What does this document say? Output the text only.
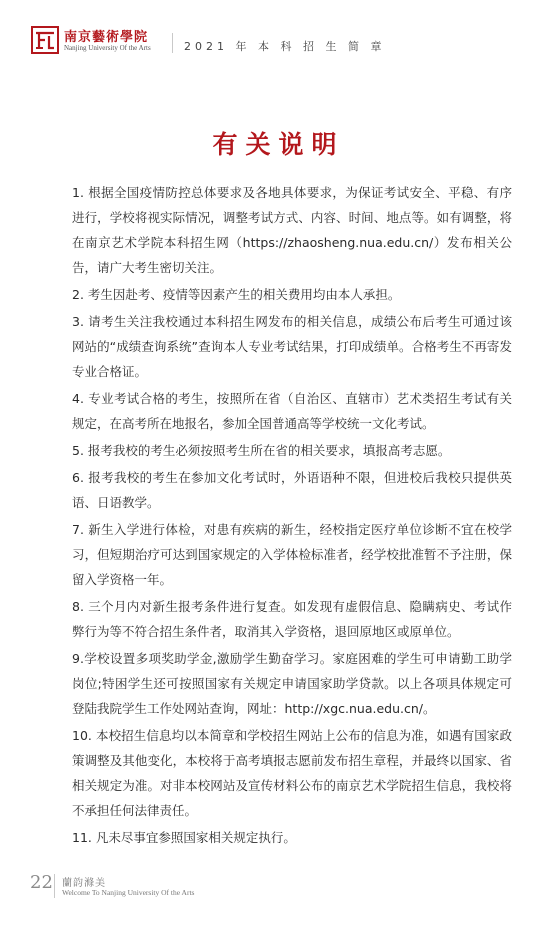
南京藝術學院
Nanjing University Of the Arts	2021 年 本 科 招 生 简 章
有关说明

1. 根据全国疫情防控总体要求及各地具体要求，为保证考试安全、平稳、有序进行，学校将视实际情况，调整考试方式、内容、时间、地点等。如有调整，将在南京艺术学院本科招生网（https://zhaosheng.nua.edu.cn/）发布相关公告，请广大考生密切关注。

2. 考生因赴考、疫情等因素产生的相关费用均由本人承担。

3. 请考生关注我校通过本科招生网发布的相关信息，成绩公布后考生可通过该网站的“成绩查询系统”查询本人专业考试结果，打印成绩单。合格考生不再寄发专业合格证。

4. 专业考试合格的考生，按照所在省（自治区、直辖市）艺术类招生考试有关规定，在高考所在地报名，参加全国普通高等学校统一文化考试。

5. 报考我校的考生必须按照考生所在省的相关要求，填报高考志愿。

6. 报考我校的考生在参加文化考试时，外语语种不限，但进校后我校只提供英语、日语教学。

7. 新生入学进行体检，对患有疾病的新生，经校指定医疗单位诊断不宜在校学习，但短期治疗可达到国家规定的入学体检标准者，经学校批准暂不予注册，保留入学资格一年。

8. 三个月内对新生报考条件进行复查。如发现有虚假信息、隐瞒病史、考试作弊行为等不符合招生条件者，取消其入学资格，退回原地区或原单位。

9.学校设置多项奖助学金,激励学生勤奋学习。家庭困难的学生可申请勤工助学岗位;特困学生还可按照国家有关规定申请国家助学贷款。以上各项具体规定可登陆我院学生工作处网站查询，网址：http://xgc.nua.edu.cn/。

10. 本校招生信息均以本简章和学校招生网站上公布的信息为准，如遇有国家政策调整及其他变化，本校将于高考填报志愿前发布招生章程，并最终以国家、省相关规定为准。对非本校网站及宣传材料公布的南京艺术学院招生信息，我校将不承担任何法律责任。

11. 凡未尽事宜参照国家相关规定执行。

22 蘭韵滌美
Welcome To Nanjing University Of the Arts
